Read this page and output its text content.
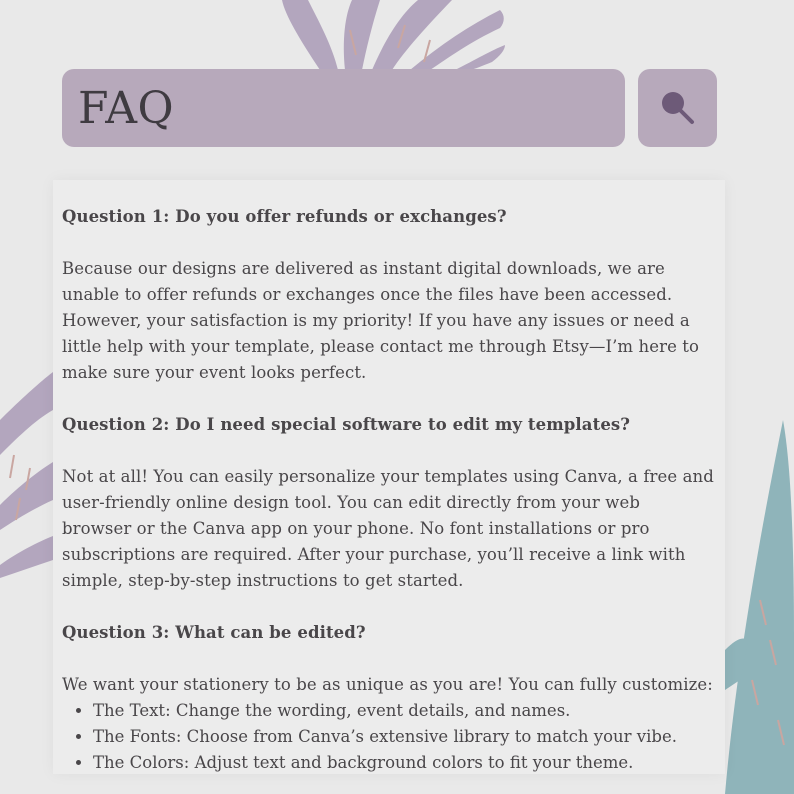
FAQ

Question 1: Do you offer refunds or exchanges?

Because our designs are delivered as instant digital downloads, we are

unable to offer refunds or exchanges once the files have been accessed.

However, your satisfaction is my priority! If you have any issues or need a

little help with your template, please contact me through Etsy—I’m here to

make sure your event looks perfect.

Question 2: Do I need special software to edit my templates?

Not at all! You can easily personalize your templates using Canva, a free and

user-friendly online design tool. You can edit directly from your web

browser or the Canva app on your phone. No font installations or pro

subscriptions are required. After your purchase, you’ll receive a link with

simple, step-by-step instructions to get started.

Question 3: What can be edited?

We want your stationery to be as unique as you are! You can fully customize:

• The Text: Change the wording, event details, and names.
• The Fonts: Choose from Canva’s extensive library to match your vibe.
• The Colors: Adjust text and background colors to fit your theme.
